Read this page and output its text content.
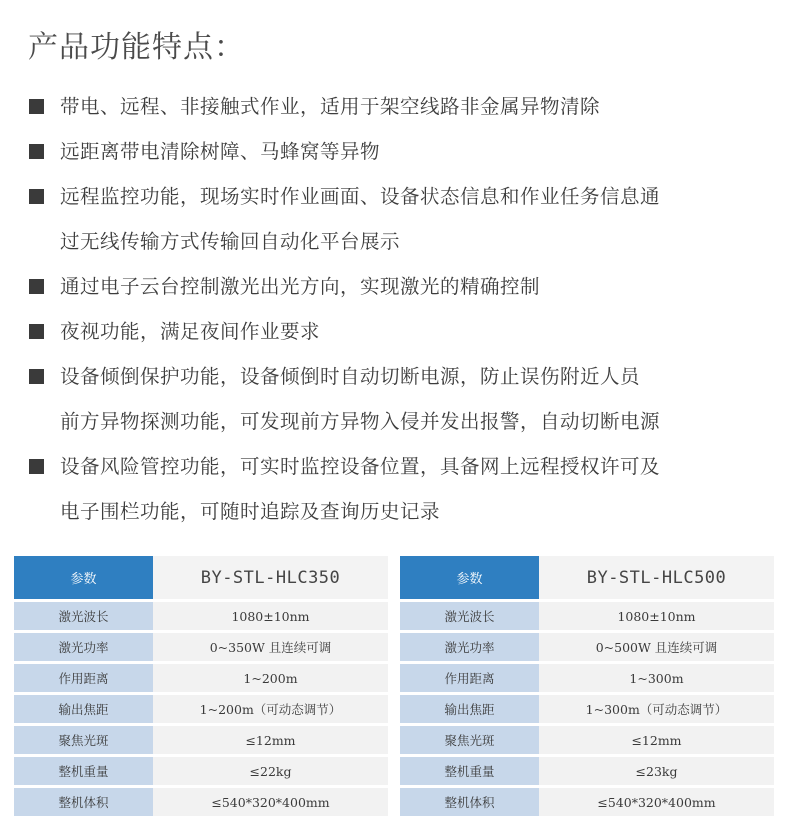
产品功能特点：
带电、远程、非接触式作业，适用于架空线路非金属异物清除
远距离带电清除树障、马蜂窝等异物
远程监控功能，现场实时作业画面、设备状态信息和作业任务信息通
过无线传输方式传输回自动化平台展示
通过电子云台控制激光出光方向，实现激光的精确控制
夜视功能，满足夜间作业要求
设备倾倒保护功能，设备倾倒时自动切断电源，防止误伤附近人员
前方异物探测功能，可发现前方异物入侵并发出报警，自动切断电源
设备风险管控功能，可实时监控设备位置，具备网上远程授权许可及
电子围栏功能，可随时追踪及查询历史记录
参数	BY-STL-HLC350
激光波长	1080±10nm
激光功率	0~350W 且连续可调
作用距离	1~200m
输出焦距	1~200m（可动态调节）
聚焦光斑	≤12mm
整机重量	≤22kg
整机体积	≤540*320*400mm
参数	BY-STL-HLC500
激光波长	1080±10nm
激光功率	0~500W 且连续可调
作用距离	1~300m
输出焦距	1~300m（可动态调节）
聚焦光斑	≤12mm
整机重量	≤23kg
整机体积	≤540*320*400mm
